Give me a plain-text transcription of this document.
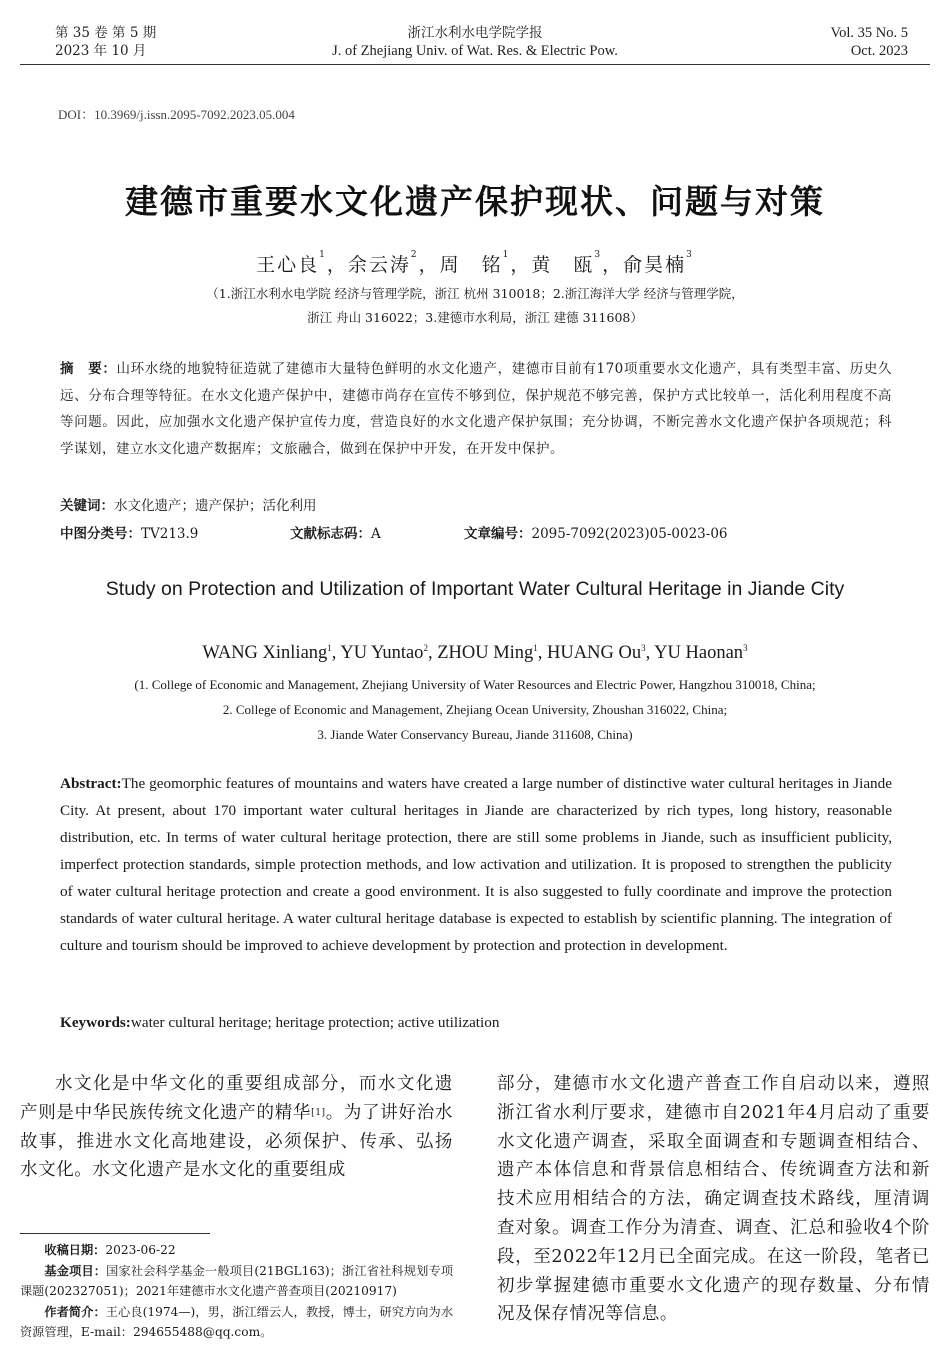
第 35 卷 第 5 期
2023 年 10 月
浙江水利水电学院学报
J. of Zhejiang Univ. of Wat. Res. & Electric Pow.
Vol. 35 No. 5
Oct. 2023
DOI：10.3969/j.issn.2095-7092.2023.05.004
建德市重要水文化遗产保护现状、问题与对策
王心良$^1$，余云涛$^2$，周　铭$^1$，黄　瓯$^3$，俞昊楠$^3$
（1.浙江水利水电学院 经济与管理学院，浙江 杭州 310018；2.浙江海洋大学 经济与管理学院，
浙江 舟山 316022；3.建德市水利局，浙江 建德 311608）
摘　要：山环水绕的地貌特征造就了建德市大量特色鲜明的水文化遗产，建德市目前有170项重要水文化遗产，具有类型丰富、历史久远、分布合理等特征。在水文化遗产保护中，建德市尚存在宣传不够到位，保护规范不够完善，保护方式比较单一，活化利用程度不高等问题。因此，应加强水文化遗产保护宣传力度，营造良好的水文化遗产保护氛围；充分协调，不断完善水文化遗产保护各项规范；科学谋划，建立水文化遗产数据库；文旅融合，做到在保护中开发，在开发中保护。
关键词：水文化遗产；遗产保护；活化利用
中图分类号：TV213.9	文献标志码：A	文章编号：2095-7092(2023)05-0023-06
Study on Protection and Utilization of Important Water Cultural Heritage in Jiande City
WANG Xinliang$^1$, YU Yuntao$^2$, ZHOU Ming$^1$, HUANG Ou$^3$, YU Haonan$^3$
(1. College of Economic and Management, Zhejiang University of Water Resources and Electric Power, Hangzhou 310018, China;
2. College of Economic and Management, Zhejiang Ocean University, Zhoushan 316022, China;
3. Jiande Water Conservancy Bureau, Jiande 311608, China)
Abstract:The geomorphic features of mountains and waters have created a large number of distinctive water cultural heritages in Jiande City. At present, about 170 important water cultural heritages in Jiande are characterized by rich types, long history, reasonable distribution, etc. In terms of water cultural heritage protection, there are still some problems in Jiande, such as insufficient publicity, imperfect protection standards, simple protection methods, and low activation and utilization. It is proposed to strengthen the publicity of water cultural heritage protection and create a good environment. It is also suggested to fully coordinate and improve the protection standards of water cultural heritage. A water cultural heritage database is expected to establish by scientific planning. The integration of culture and tourism should be improved to achieve development by protection and protection in development.
Keywords:water cultural heritage; heritage protection; active utilization
水文化是中华文化的重要组成部分，而水文化遗产则是中华民族传统文化遗产的精华[1]。为了讲好治水故事，推进水文化高地建设，必须保护、传承、弘扬水文化。水文化遗产是水文化的重要组成
部分，建德市水文化遗产普查工作自启动以来，遵照浙江省水利厅要求，建德市自2021年4月启动了重要水文化遗产调查，采取全面调查和专题调查相结合、遗产本体信息和背景信息相结合、传统调查方法和新技术应用相结合的方法，确定调查技术路线，厘清调查对象。调查工作分为清查、调查、汇总和验收4个阶段，至2022年12月已全面完成。在这一阶段，笔者已初步掌握建德市重要水文化遗产的现存数量、分布情况及保存情况等信息。

收稿日期：2023-06-22

基金项目：国家社会科学基金一般项目(21BGL163)；浙江省社科规划专项课题(202327051)；2021年建德市水文化遗产普查项目(20210917)

作者简介：王心良(1974—)，男，浙江缙云人，教授，博士，研究方向为水资源管理，E-mail：294655488@qq.com。
